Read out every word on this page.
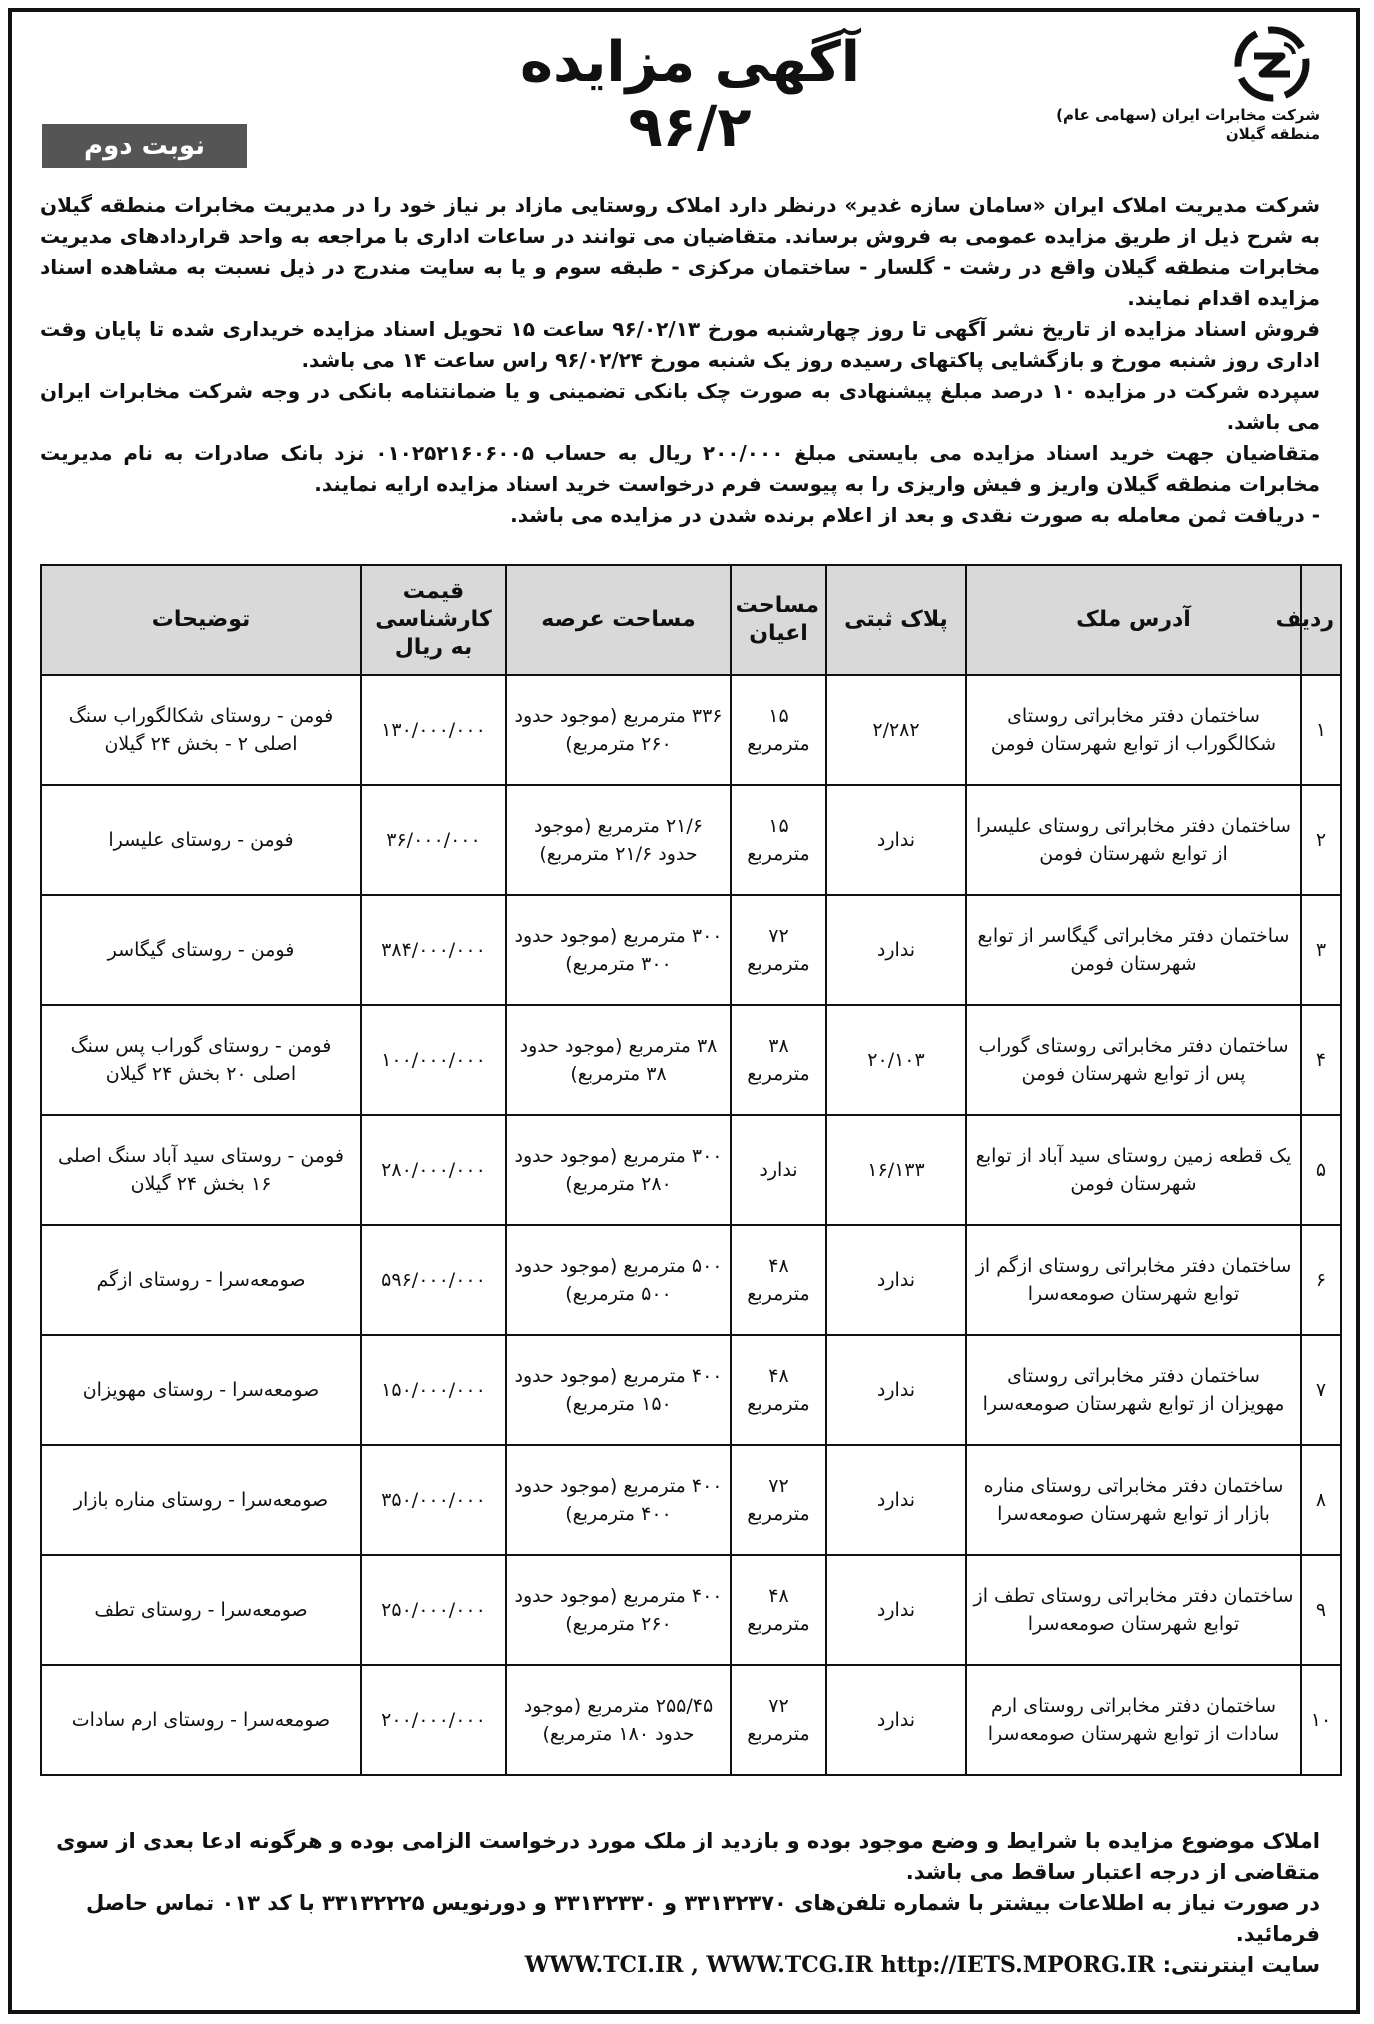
شرکت مخابرات ایران (سهامی عام)
منطقه گیلان
آگهی مزایده ۹۶/۲
نوبت دوم

شرکت مدیریت املاک ایران «سامان سازه غدیر» درنظر دارد املاک روستایی مازاد بر نیاز خود را در مدیریت مخابرات منطقه گیلان به شرح ذیل از طریق مزایده عمومی به فروش برساند. متقاضیان می توانند در ساعات اداری با مراجعه به واحد قراردادهای مدیریت مخابرات منطقه گیلان واقع در رشت - گلسار - ساختمان مرکزی - طبقه سوم و یا به سایت مندرج در ذیل نسبت به مشاهده اسناد مزایده اقدام نمایند.

فروش اسناد مزایده از تاریخ نشر آگهی تا روز چهارشنبه مورخ ۹۶/۰۲/۱۳ ساعت ۱۵ تحویل اسناد مزایده خریداری شده تا پایان وقت اداری روز شنبه مورخ و بازگشایی پاکتهای رسیده روز یک شنبه مورخ ۹۶/۰۲/۲۴ راس ساعت ۱۴ می باشد.

سپرده شرکت در مزایده ۱۰ درصد مبلغ پیشنهادی به صورت چک بانکی تضمینی و یا ضمانتنامه بانکی در وجه شرکت مخابرات ایران می باشد.

متقاضیان جهت خرید اسناد مزایده می بایستی مبلغ ۲۰۰/۰۰۰ ریال به حساب ۰۱۰۲۵۲۱۶۰۶۰۰۵ نزد بانک صادرات به نام مدیریت مخابرات منطقه گیلان واریز و فیش واریزی را به پیوست فرم درخواست خرید اسناد مزایده ارایه نمایند.

- دریافت ثمن معامله به صورت نقدی و بعد از اعلام برنده شدن در مزایده می باشد.

ردیف	آدرس ملک	پلاک ثبتی	مساحت اعیان	مساحت عرصه	قیمت کارشناسی به ریال	توضیحات
۱	ساختمان دفتر مخابراتی روستای شکالگوراب از توابع شهرستان فومن	۲/۲۸۲	۱۵ مترمربع	۳۳۶ مترمربع (موجود حدود ۲۶۰ مترمربع)	۱۳۰/۰۰۰/۰۰۰	فومن - روستای شکالگوراب سنگ اصلی ۲ - بخش ۲۴ گیلان
۲	ساختمان دفتر مخابراتی روستای علیسرا از توابع شهرستان فومن	ندارد	۱۵ مترمربع	۲۱/۶ مترمربع (موجود حدود ۲۱/۶ مترمربع)	۳۶/۰۰۰/۰۰۰	فومن - روستای علیسرا
۳	ساختمان دفتر مخابراتی گیگاسر از توابع شهرستان فومن	ندارد	۷۲ مترمربع	۳۰۰ مترمربع (موجود حدود ۳۰۰ مترمربع)	۳۸۴/۰۰۰/۰۰۰	فومن - روستای گیگاسر
۴	ساختمان دفتر مخابراتی روستای گوراب پس از توابع شهرستان فومن	۲۰/۱۰۳	۳۸ مترمربع	۳۸ مترمربع (موجود حدود ۳۸ مترمربع)	۱۰۰/۰۰۰/۰۰۰	فومن - روستای گوراب پس سنگ اصلی ۲۰ بخش ۲۴ گیلان
۵	یک قطعه زمین روستای سید آباد از توابع شهرستان فومن	۱۶/۱۳۳	ندارد	۳۰۰ مترمربع (موجود حدود ۲۸۰ مترمربع)	۲۸۰/۰۰۰/۰۰۰	فومن - روستای سید آباد سنگ اصلی ۱۶ بخش ۲۴ گیلان
۶	ساختمان دفتر مخابراتی روستای ازگم از توابع شهرستان صومعه‌سرا	ندارد	۴۸ مترمربع	۵۰۰ مترمربع (موجود حدود ۵۰۰ مترمربع)	۵۹۶/۰۰۰/۰۰۰	صومعه‌سرا - روستای ازگم
۷	ساختمان دفتر مخابراتی روستای مهویزان از توابع شهرستان صومعه‌سرا	ندارد	۴۸ مترمربع	۴۰۰ مترمربع (موجود حدود ۱۵۰ مترمربع)	۱۵۰/۰۰۰/۰۰۰	صومعه‌سرا - روستای مهویزان
۸	ساختمان دفتر مخابراتی روستای مناره بازار از توابع شهرستان صومعه‌سرا	ندارد	۷۲ مترمربع	۴۰۰ مترمربع (موجود حدود ۴۰۰ مترمربع)	۳۵۰/۰۰۰/۰۰۰	صومعه‌سرا - روستای مناره بازار
۹	ساختمان دفتر مخابراتی روستای تطف از توابع شهرستان صومعه‌سرا	ندارد	۴۸ مترمربع	۴۰۰ مترمربع (موجود حدود ۲۶۰ مترمربع)	۲۵۰/۰۰۰/۰۰۰	صومعه‌سرا - روستای تطف
۱۰	ساختمان دفتر مخابراتی روستای ارم سادات از توابع شهرستان صومعه‌سرا	ندارد	۷۲ مترمربع	۲۵۵/۴۵ مترمربع (موجود حدود ۱۸۰ مترمربع)	۲۰۰/۰۰۰/۰۰۰	صومعه‌سرا - روستای ارم سادات

املاک موضوع مزایده با شرایط و وضع موجود بوده و بازدید از ملک مورد درخواست الزامی بوده و هرگونه ادعا بعدی از سوی متقاضی از درجه اعتبار ساقط می باشد.

در صورت نیاز به اطلاعات بیشتر با شماره تلفن‌های ۳۳۱۳۲۳۷۰ و ۳۳۱۳۲۳۳۰ و دورنویس ۳۳۱۳۲۲۲۵ با کد ۰۱۳ تماس حاصل فرمائید.

سایت اینترنتی: WWW.TCI.IR , WWW.TCG.IR http://IETS.MPORG.IR
